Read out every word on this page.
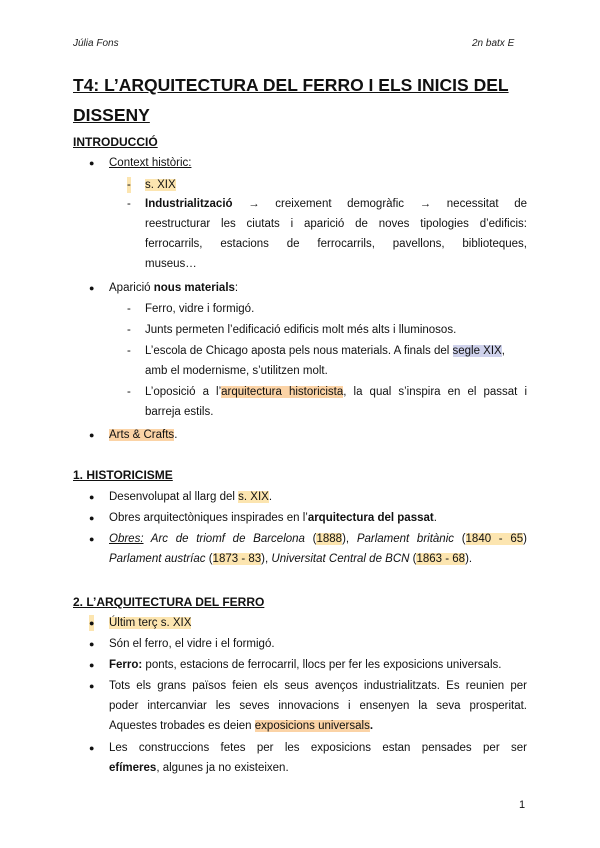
Júlia Fons	2n batx E
T4: L’ARQUITECTURA DEL FERRO I ELS INICIS DEL
DISSENY
INTRODUCCIÓ
● Context històric:
- s. XIX
- Industrialització → creixement demogràfic → necessitat de
reestructurar les ciutats i aparició de noves tipologies d’edificis:
ferrocarrils, estacions de ferrocarrils, pavellons, biblioteques,
museus…
● Aparició nous materials:
- Ferro, vidre i formigó.
- Junts permeten l’edificació edificis molt més alts i lluminosos.
- L’escola de Chicago aposta pels nous materials. A finals del segle XIX,
amb el modernisme, s’utilitzen molt.
- L’oposició a l’arquitectura historicista, la qual s’inspira en el passat i
barreja estils.
● Arts & Crafts.
1. HISTORICISME
● Desenvolupat al llarg del s. XIX.
● Obres arquitectòniques inspirades en l’arquitectura del passat.
● Obres: Arc de triomf de Barcelona (1888), Parlament britànic (1840 - 65)
Parlament austríac (1873 - 83), Universitat Central de BCN (1863 - 68).
2. L’ARQUITECTURA DEL FERRO
● Últim terç s. XIX
● Són el ferro, el vidre i el formigó.
● Ferro: ponts, estacions de ferrocarril, llocs per fer les exposicions universals.
● Tots els grans països feien els seus avenços industrialitzats. Es reunien per
poder intercanviar les seves innovacions i ensenyen la seva prosperitat.
Aquestes trobades es deien exposicions universals.
● Les construccions fetes per les exposicions estan pensades per ser
efímeres, algunes ja no existeixen.
1
